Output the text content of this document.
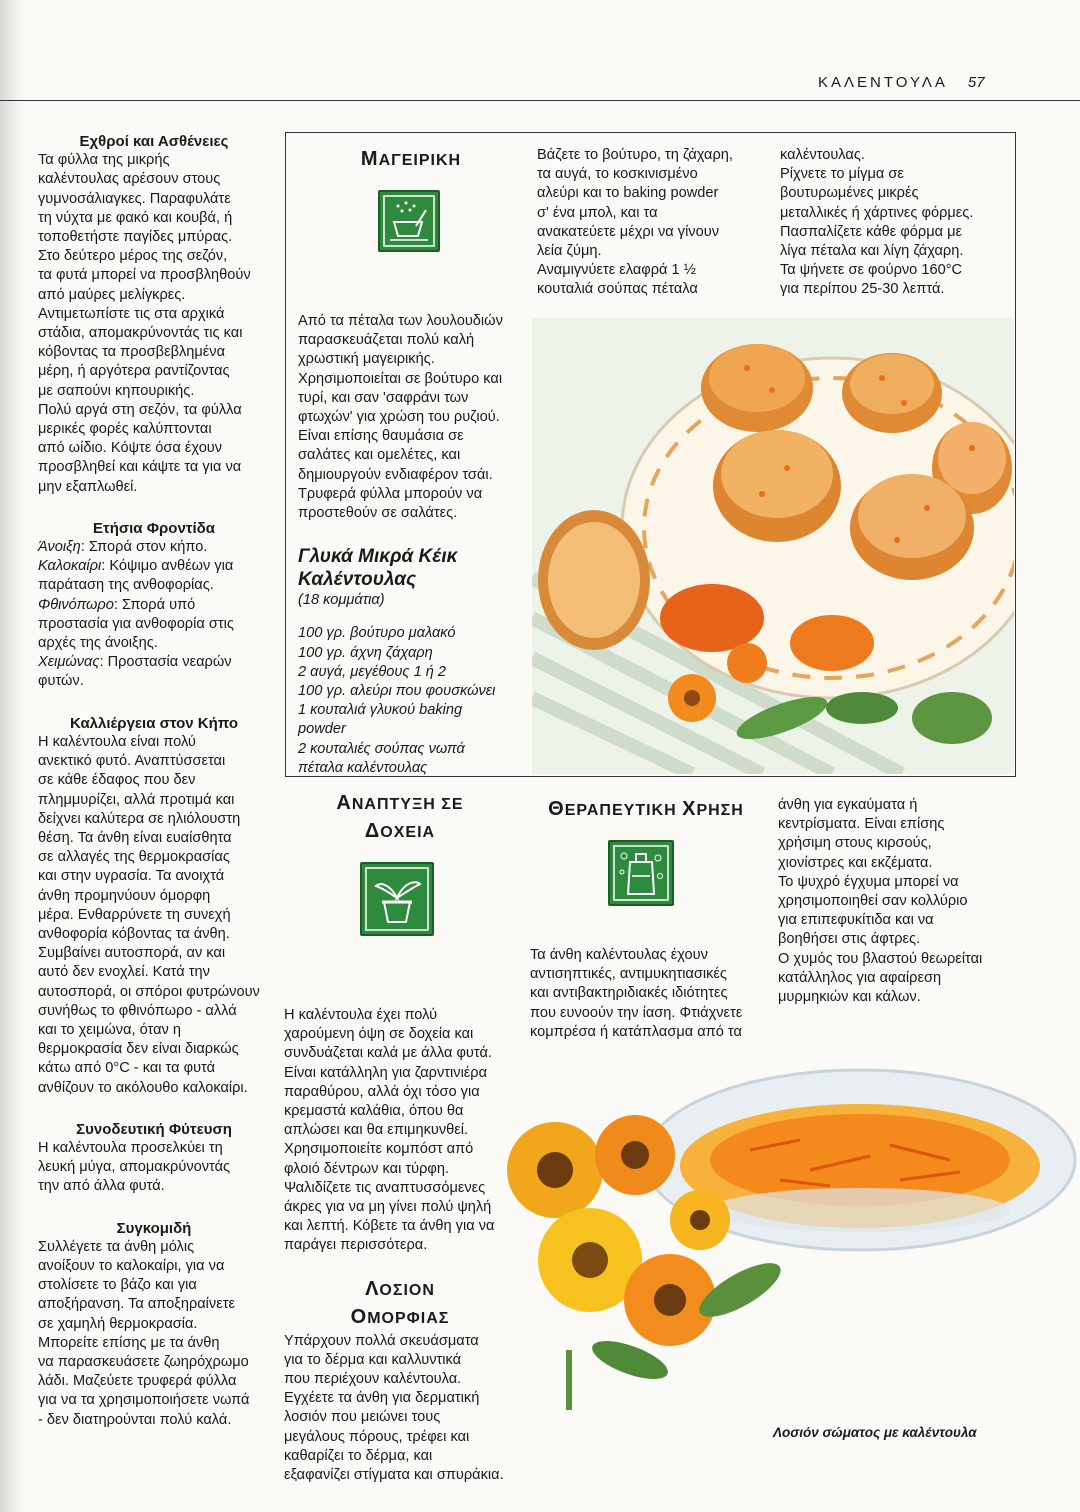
ΚΑΛΕΝΤΟΥΛΑ 57

Εχθροί και Ασθένειες

Τα φύλλα της μικρής
καλέντουλας αρέσουν στους
γυμνοσάλιαγκες. Παραφυλάτε
τη νύχτα με φακό και κουβά, ή
τοποθετήστε παγίδες μπύρας.
Στο δεύτερο μέρος της σεζόν,
τα φυτά μπορεί να προσβληθούν
από μαύρες μελίγκρες.
Αντιμετωπίστε τις στα αρχικά
στάδια, απομακρύνοντάς τις και
κόβοντας τα προσβεβλημένα
μέρη, ή αργότερα ραντίζοντας
με σαπούνι κηπουρικής.
Πολύ αργά στη σεζόν, τα φύλλα
μερικές φορές καλύπτονται
από ωίδιο. Κόψτε όσα έχουν
προσβληθεί και κάψτε τα για να
μην εξαπλωθεί.

Ετήσια Φροντίδα

Άνοιξη: Σπορά στον κήπο.

Καλοκαίρι: Κόψιμο ανθέων για
παράταση της ανθοφορίας.

Φθινόπωρο: Σπορά υπό
προστασία για ανθοφορία στις
αρχές της άνοιξης.

Χειμώνας: Προστασία νεαρών
φυτών.

Καλλιέργεια στον Κήπο

Η καλέντουλα είναι πολύ
ανεκτικό φυτό. Αναπτύσσεται
σε κάθε έδαφος που δεν
πλημμυρίζει, αλλά προτιμά και
δείχνει καλύτερα σε ηλιόλουστη
θέση. Τα άνθη είναι ευαίσθητα
σε αλλαγές της θερμοκρασίας
και στην υγρασία. Τα ανοιχτά
άνθη προμηνύουν όμορφη
μέρα. Ενθαρρύνετε τη συνεχή
ανθοφορία κόβοντας τα άνθη.
Συμβαίνει αυτοσπορά, αν και
αυτό δεν ενοχλεί. Κατά την
αυτοσπορά, οι σπόροι φυτρώνουν
συνήθως το φθινόπωρο - αλλά
και το χειμώνα, όταν η
θερμοκρασία δεν είναι διαρκώς
κάτω από 0°C - και τα φυτά
ανθίζουν το ακόλουθο καλοκαίρι.

Συνοδευτική Φύτευση

Η καλέντουλα προσελκύει τη
λευκή μύγα, απομακρύνοντάς
την από άλλα φυτά.

Συγκομιδή

Συλλέγετε τα άνθη μόλις
ανοίξουν το καλοκαίρι, για να
στολίσετε το βάζο και για
αποξήρανση. Τα αποξηραίνετε
σε χαμηλή θερμοκρασία.
Μπορείτε επίσης με τα άνθη
να παρασκευάσετε ζωηρόχρωμο
λάδι. Μαζεύετε τρυφερά φύλλα
για να τα χρησιμοποιήσετε νωπά
- δεν διατηρούνται πολύ καλά.

ΜΑΓΕΙΡΙΚΗ

Από τα πέταλα των λουλουδιών
παρασκευάζεται πολύ καλή
χρωστική μαγειρικής.
Χρησιμοποιείται σε βούτυρο και
τυρί, και σαν 'σαφράνι των
φτωχών' για χρώση του ρυζιού.
Είναι επίσης θαυμάσια σε
σαλάτες και ομελέτες, και
δημιουργούν ενδιαφέρον τσάι.
Τρυφερά φύλλα μπορούν να
προστεθούν σε σαλάτες.

Γλυκά Μικρά Κέικ
Καλέντουλας

(18 κομμάτια)

100 γρ. βούτυρο μαλακό

100 γρ. άχνη ζάχαρη

2 αυγά, μεγέθους 1 ή 2

100 γρ. αλεύρι που φουσκώνει

1 κουταλιά γλυκού baking
powder

2 κουταλιές σούπας νωπά
πέταλα καλέντουλας

Βάζετε το βούτυρο, τη ζάχαρη,
τα αυγά, το κοσκινισμένο
αλεύρι και το baking powder
σ' ένα μπολ, και τα
ανακατεύετε μέχρι να γίνουν
λεία ζύμη.
Αναμιγνύετε ελαφρά 1 ½
κουταλιά σούπας πέταλα

καλέντουλας.
Ρίχνετε το μίγμα σε
βουτυρωμένες μικρές
μεταλλικές ή χάρτινες φόρμες.
Πασπαλίζετε κάθε φόρμα με
λίγα πέταλα και λίγη ζάχαρη.
Τα ψήνετε σε φούρνο 160°C
για περίπου 25-30 λεπτά.

ΑΝΑΠΤΥΞΗ ΣΕ
ΔΟΧΕΙΑ

Η καλέντουλα έχει πολύ
χαρούμενη όψη σε δοχεία και
συνδυάζεται καλά με άλλα φυτά.
Είναι κατάλληλη για ζαρντινιέρα
παραθύρου, αλλά όχι τόσο για
κρεμαστά καλάθια, όπου θα
απλώσει και θα επιμηκυνθεί.
Χρησιμοποιείτε κομπόστ από
φλοιό δέντρων και τύρφη.
Ψαλιδίζετε τις αναπτυσσόμενες
άκρες για να μη γίνει πολύ ψηλή
και λεπτή. Κόβετε τα άνθη για να
παράγει περισσότερα.

ΛΟΣΙΟΝ
ΟΜΟΡΦΙΑΣ

Υπάρχουν πολλά σκευάσματα
για το δέρμα και καλλυντικά
που περιέχουν καλέντουλα.
Εγχέετε τα άνθη για δερματική
λοσιόν που μειώνει τους
μεγάλους πόρους, τρέφει και
καθαρίζει το δέρμα, και
εξαφανίζει στίγματα και σπυράκια.

ΘΕΡΑΠΕΥΤΙΚΗ ΧΡΗΣΗ

Τα άνθη καλέντουλας έχουν
αντισηπτικές, αντιμυκητιασικές
και αντιβακτηριδιακές ιδιότητες
που ευνοούν την ίαση. Φτιάχνετε
κομπρέσα ή κατάπλασμα από τα

άνθη για εγκαύματα ή
κεντρίσματα. Είναι επίσης
χρήσιμη στους κιρσούς,
χιονίστρες και εκζέματα.
Το ψυχρό έγχυμα μπορεί να
χρησιμοποιηθεί σαν κολλύριο
για επιπεφυκίτιδα και να
βοηθήσει στις άφτρες.
Ο χυμός του βλαστού θεωρείται
κατάλληλος για αφαίρεση
μυρμηκιών και κάλων.

Λοσιόν σώματος με καλέντουλα
